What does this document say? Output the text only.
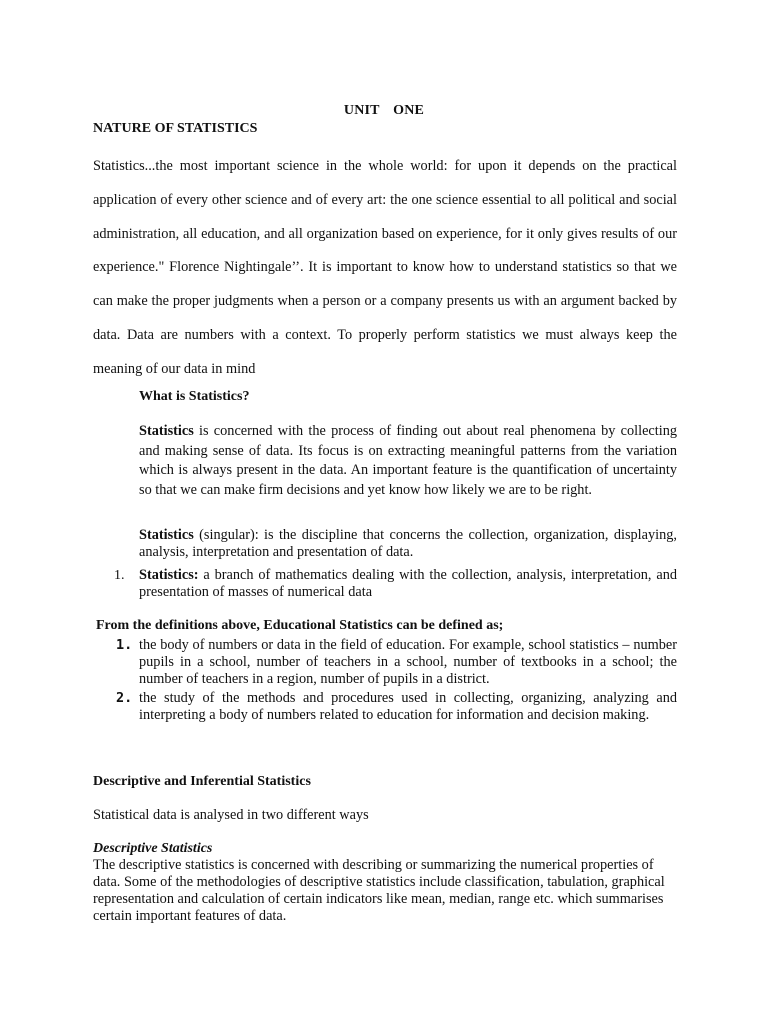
UNIT ONE
NATURE OF STATISTICS
Statistics...the most important science in the whole world: for upon it depends on the practical application of every other science and of every art: the one science essential to all political and social administration, all education, and all organization based on experience, for it only gives results of our experience." Florence Nightingale’’. It is important to know how to understand statistics so that we can make the proper judgments when a person or a company presents us with an argument backed by data. Data are numbers with a context. To properly perform statistics we must always keep the meaning of our data in mind
What is Statistics?
Statistics is concerned with the process of finding out about real phenomena by collecting and making sense of data. Its focus is on extracting meaningful patterns from the variation which is always present in the data. An important feature is the quantification of uncertainty so that we can make firm decisions and yet know how likely we are to be right.
Statistics (singular): is the discipline that concerns the collection, organization, displaying, analysis, interpretation and presentation of data.
1. Statistics: a branch of mathematics dealing with the collection, analysis, interpretation, and presentation of masses of numerical data
From the definitions above, Educational Statistics can be defined as;
1. the body of numbers or data in the field of education. For example, school statistics – number pupils in a school, number of teachers in a school, number of textbooks in a school; the number of teachers in a region, number of pupils in a district.
2. the study of the methods and procedures used in collecting, organizing, analyzing and interpreting a body of numbers related to education for information and decision making.
Descriptive and Inferential Statistics
Statistical data is analysed in two different ways
Descriptive Statistics
The descriptive statistics is concerned with describing or summarizing the numerical properties of data. Some of the methodologies of descriptive statistics include classification, tabulation, graphical representation and calculation of certain indicators like mean, median, range etc. which summarises certain important features of data.
